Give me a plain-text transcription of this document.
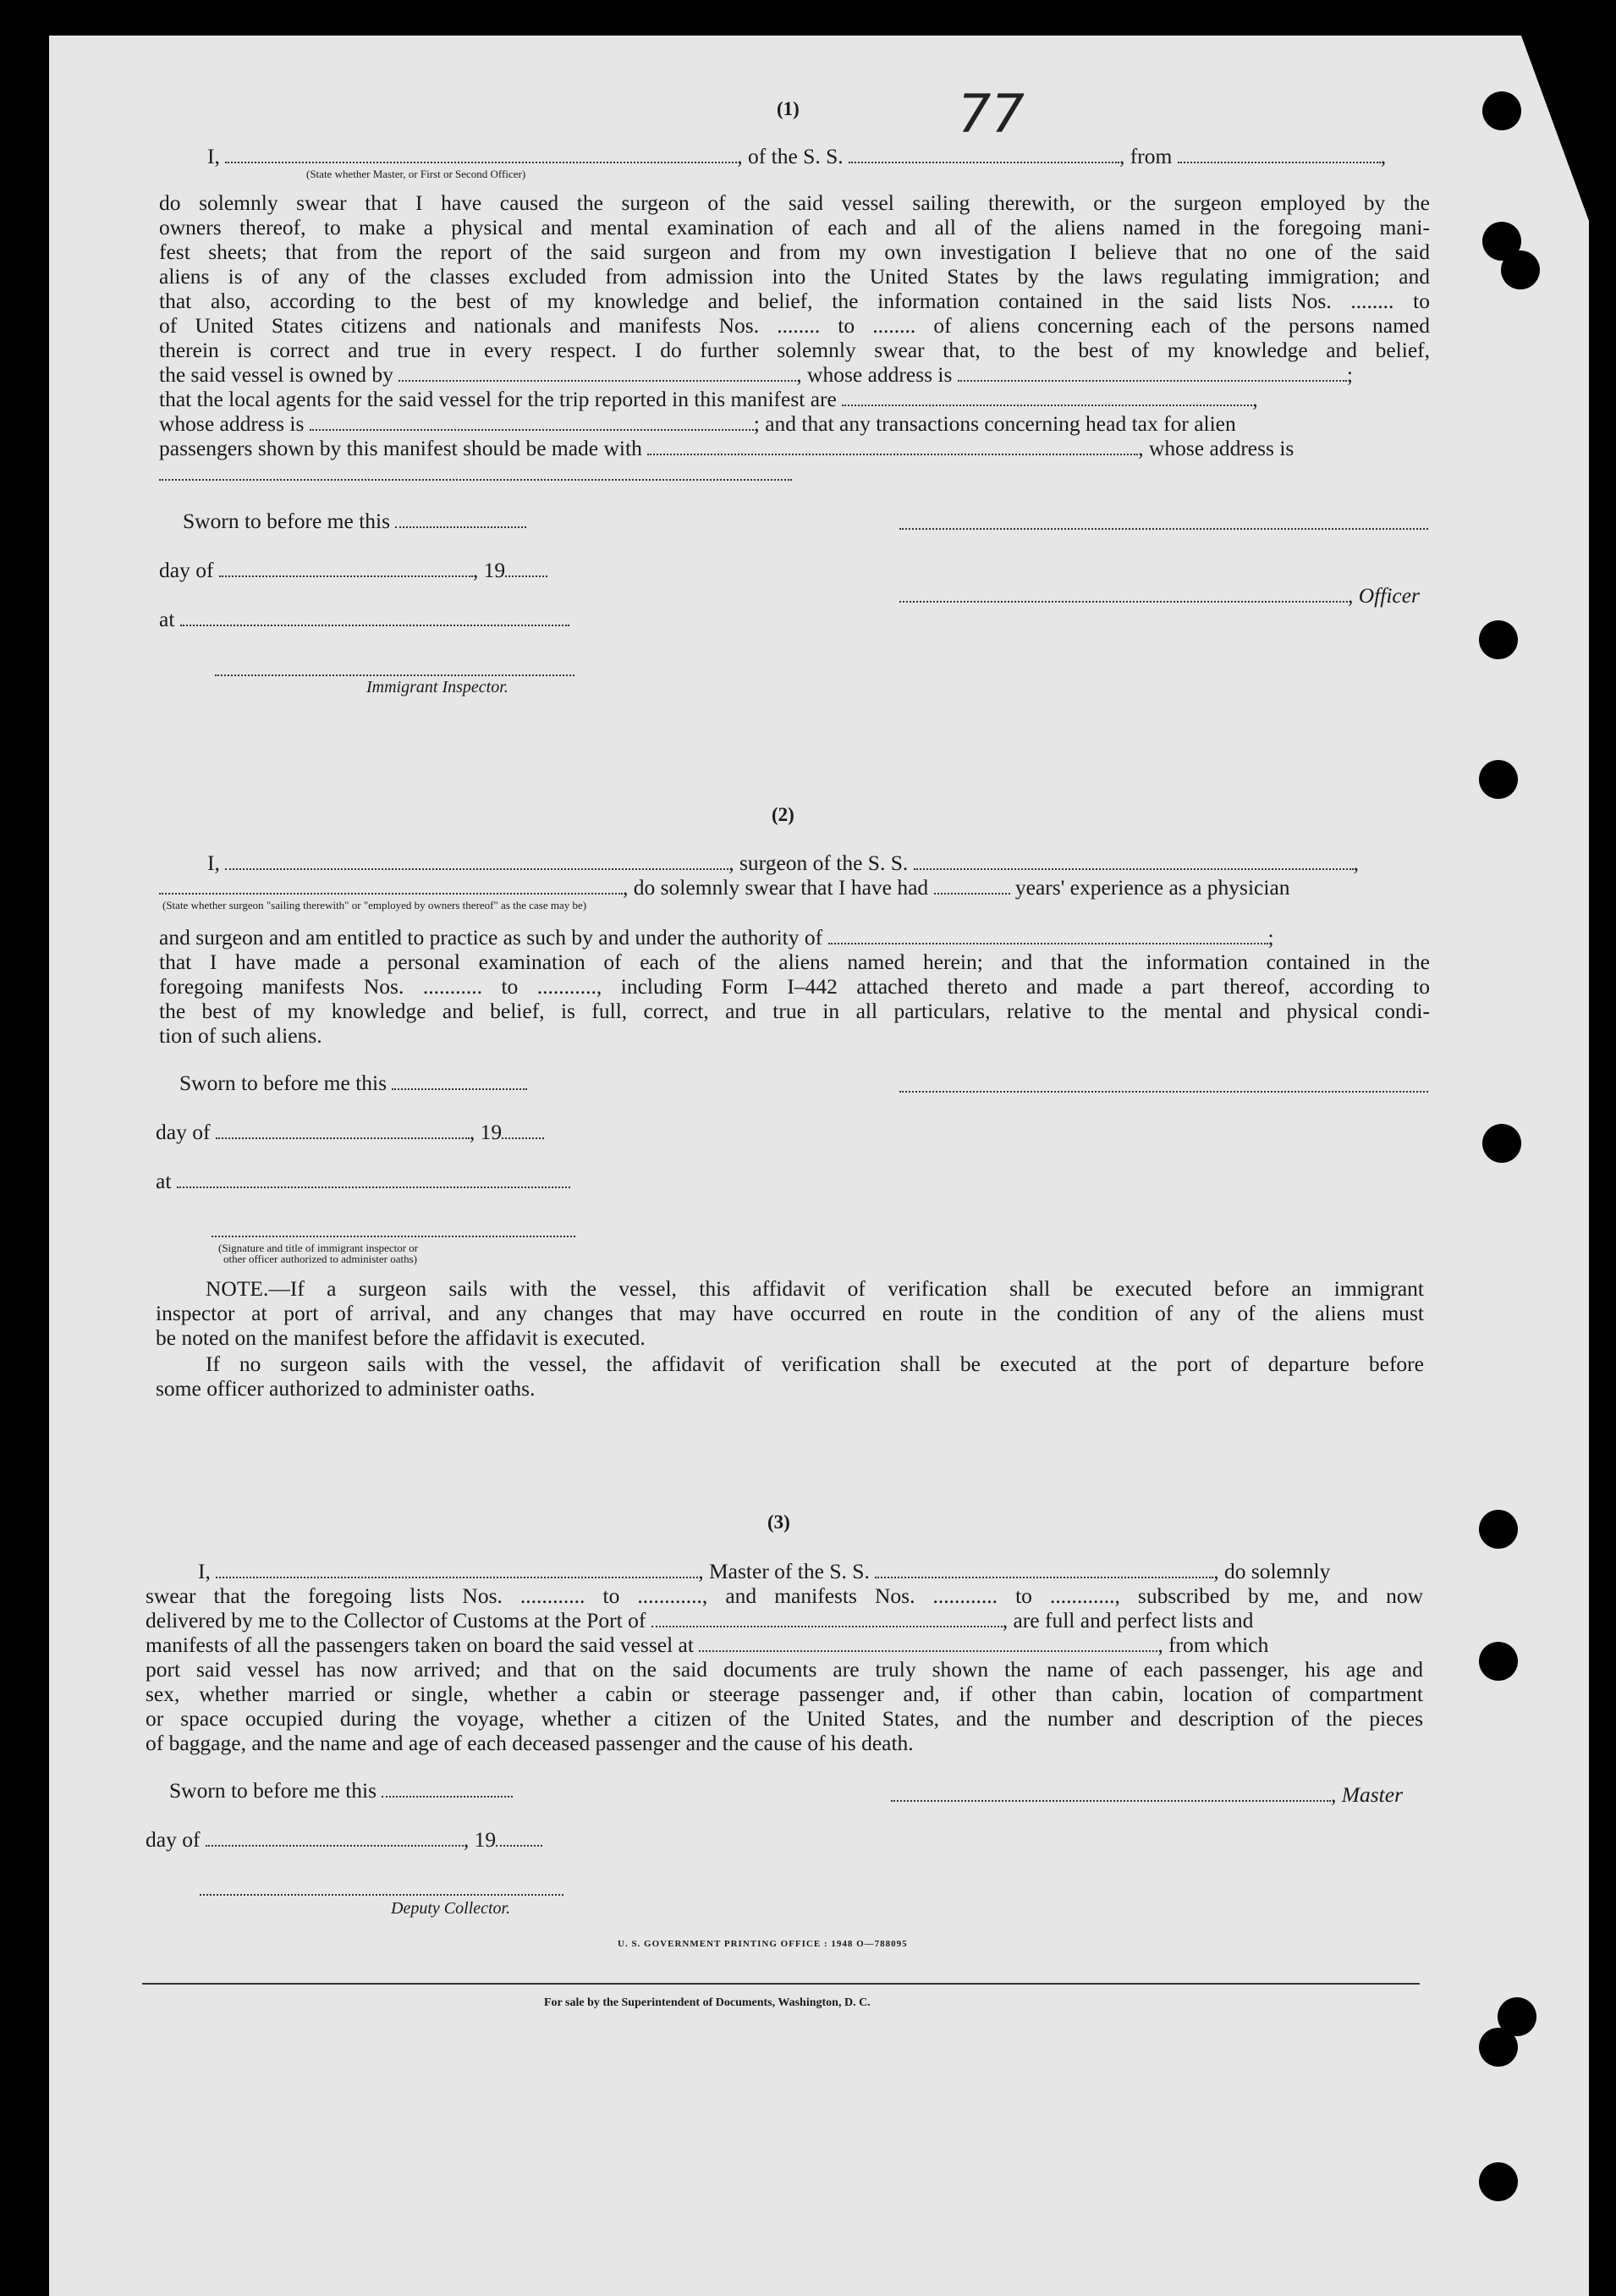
77
(1)
I,	, of the S. S.	, from	,
(State whether Master, or First or Second Officer)
do solemnly swear that I have caused the surgeon of the said vessel sailing therewith, or the surgeon employed by the
owners thereof, to make a physical and mental examination of each and all of the aliens named in the foregoing mani-
fest sheets; that from the report of the said surgeon and from my own investigation I believe that no one of the said
aliens is of any of the classes excluded from admission into the United States by the laws regulating immigration; and
that also, according to the best of my knowledge and belief, the information contained in the said lists Nos. ........ to
of United States citizens and nationals and manifests Nos. ........ to ........ of aliens concerning each of the persons named
therein is correct and true in every respect. I do further solemnly swear that, to the best of my knowledge and belief,
the said vessel is owned by	, whose address is	;
that the local agents for the said vessel for the trip reported in this manifest are	,
whose address is	; and that any transactions concerning head tax for alien
passengers shown by this manifest should be made with	, whose address is
Sworn to before me this
day of	, 19
, Officer
at
Immigrant Inspector.
(2)
I,	, surgeon of the S. S.	,
, do solemnly swear that I have had	years' experience as a physician
(State whether surgeon "sailing therewith" or "employed by owners thereof" as the case may be)
and surgeon and am entitled to practice as such by and under the authority of	;
that I have made a personal examination of each of the aliens named herein; and that the information contained in the
foregoing manifests Nos. ........... to ..........., including Form I–442 attached thereto and made a part thereof, according to
the best of my knowledge and belief, is full, correct, and true in all particulars, relative to the mental and physical condi-
tion of such aliens.
Sworn to before me this
day of	, 19
at
(Signature and title of immigrant inspector or
other officer authorized to administer oaths)
NOTE.—If a surgeon sails with the vessel, this affidavit of verification shall be executed before an immigrant
inspector at port of arrival, and any changes that may have occurred en route in the condition of any of the aliens must
be noted on the manifest before the affidavit is executed.
If no surgeon sails with the vessel, the affidavit of verification shall be executed at the port of departure before
some officer authorized to administer oaths.
(3)
I,	, Master of the S. S.	, do solemnly
swear that the foregoing lists Nos. ............ to ............, and manifests Nos. ............ to ............, subscribed by me, and now
delivered by me to the Collector of Customs at the Port of	, are full and perfect lists and
manifests of all the passengers taken on board the said vessel at	, from which
port said vessel has now arrived; and that on the said documents are truly shown the name of each passenger, his age and
sex, whether married or single, whether a cabin or steerage passenger and, if other than cabin, location of compartment
or space occupied during the voyage, whether a citizen of the United States, and the number and description of the pieces
of baggage, and the name and age of each deceased passenger and the cause of his death.
Sworn to before me this	, Master
day of	, 19
Deputy Collector.
U. S. GOVERNMENT PRINTING OFFICE : 1948 O—788095
For sale by the Superintendent of Documents, Washington, D. C.
